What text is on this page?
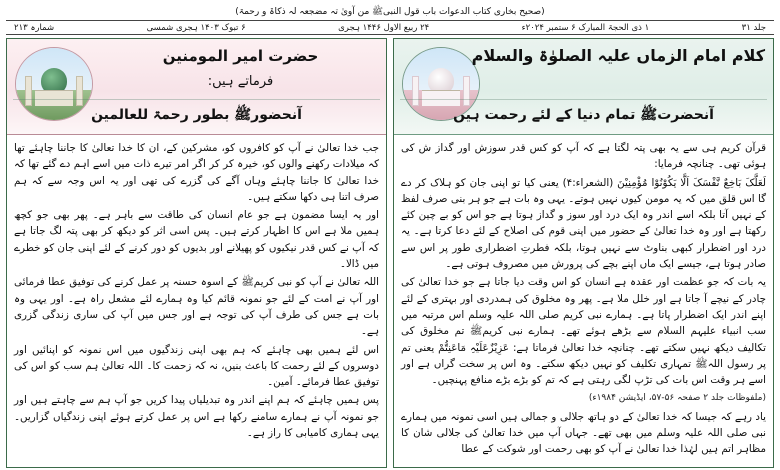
(صحیح بخاری کتاب الدعوات باب قول النبیﷺ من آویٰ تہ مضجعہ لہ ذکاۃ و رحمۃ)
جلد ۳۱
۱ ذی الحجۃ المبارک ۶ ستمبر ۲۰۲۴ء
۲۴ ربیع الاول ۱۴۴۶ ہجری
۶ تبوک ۱۴۰۳ ہجری شمسی
شمارہ ۲۱۳
کلام امام الزماں علیہ الصلوٰۃ والسلام
آنحضرتﷺ تمام دنیا کے لئے رحمت ہیں

قرآن کریم ہی سے یہ بھی پتہ لگتا ہے کہ آپ کو کس قدر سوزش اور گداز ش کی ہوئی تھی۔ چنانچہ فرمایا:

لَعَلَّکَ بَاخِعٌ نَّفْسَکَ اَلَّا یَکُوْنُوْا مُؤْمِنِیْنَ (الشعراء:۴) یعنی کیا تو اپنی جان کو ہلاک کر دے گا اس قلق میں کہ یہ مومن کیوں نہیں ہوتے۔ یہی وہ بات ہے جو ہر بنی صرف لفظ کے نہیں آتا بلکہ اسے اندر وہ ایک درد اور سوز و گداز ہوتا ہے جو اس کو بے چین کئے رکھتا ہے اور وہ خدا تعالیٰ کے حضور میں اپنی قوم کی اصلاح کے لئے دعا کرتا ہے۔ یہ درد اور اضطرار کبھی بناوٹ سے نہیں ہوتا، بلکہ فطرتِ اضطراری طور پر اس سے صادر ہوتا ہے، جیسے ایک ماں اپنے بچے کی پرورش میں مصروف ہوتی ہے۔

یہ بات کہ جو عظمت اور عقدہ ہے انسان کو اس وقت دیا جاتا ہے جو خدا تعالیٰ کی چادر کے نیچے آ جاتا ہے اور خلل ملا ہے۔ پھر وہ مخلوق کی ہمدردی اور بہتری کے لئے اپنے اندر ایک اضطرار پاتا ہے۔ ہمارے نبی کریم صلی اللہ علیہ وسلم اس مرتبہ میں سب انبیاء علیہم السلام سے بڑھے ہوئے تھے۔ ہمارے نبی کریمﷺ تم مخلوق کی تکالیف دیکھ نہیں سکتے تھے۔ چنانچہ خدا تعالیٰ فرماتا ہے: عَزِیْزٌعَلَیْہِ مَاعَنِتُّمْ یعنی تم پر رسول اللہﷺ تمہاری تکلیف کو نہیں دیکھ سکتے۔ وہ اس پر سخت گراں ہے اور اسے ہر وقت اس بات کی تڑپ لگی رہتی ہے کہ تم کو بڑے بڑے منافع پہنچیں۔

(ملفوظات جلد ۲ صفحہ ۵۶-۵۷، ایڈیشن ۱۹۸۴ء)

یاد رہے کہ جیسا کہ خدا تعالیٰ کے دو ہاتھ جلالی و جمالی ہیں اسی نمونہ میں ہمارے نبی صلی اللہ علیہ وسلم میں بھی تھے۔ جہاں آپ میں خدا تعالیٰ کی جلالی شان کا مظاہر اتم ہیں لہٰذا خدا تعالیٰ نے آپ کو بھی رحمت اور شوکت کے عطا

حضرت امیر المومنین
فرماتے ہیں:
آنحضورﷺ بطور رحمۃ للعالمین

جب خدا تعالیٰ نے آپ کو کافروں کو، مشرکین کے، ان کا خدا تعالیٰ کا جاننا چاہئے تھا کہ میلادات رکھنے والوں کو، خیرہ کر کر اگر امر تیرے ذات میں اسے اہم دے گئے تھا کہ خدا تعالیٰ کا جاننا چاہئے وہاں آگے کی گزرے کی تھی اور یہ اس وجہ سے کہ ہم صرف اتنا ہی دکھا سکتے ہیں۔

اور یہ ایسا مضمون ہے جو عام انسان کی طاقت سے باہر ہے۔ پھر بھی جو کچھ ہمیں ملا ہے اس کا اظہار کرتے ہیں۔ پس اسی اثر کو دیکھ کر بھی پتہ لگ جاتا ہے کہ آپ نے کس قدر نیکیوں کو پھیلانے اور بدیوں کو دور کرنے کے لئے اپنی جان کو خطرے میں ڈالا۔

اللہ تعالیٰ نے آپ کو نبی کریمﷺ کے اسوہ حسنہ پر عمل کرنے کی توفیق عطا فرمائی اور آپ نے امت کے لئے جو نمونہ قائم کیا وہ ہمارے لئے مشعل راہ ہے۔ اور یہی وہ بات ہے جس کی طرف آپ کی توجہ ہے اور جس میں آپ کی ساری زندگی گزری ہے۔

اس لئے ہمیں بھی چاہئے کہ ہم بھی اپنی زندگیوں میں اس نمونہ کو اپنائیں اور دوسروں کے لئے رحمت کا باعث بنیں، نہ کہ زحمت کا۔ اللہ تعالیٰ ہم سب کو اس کی توفیق عطا فرمائے۔ آمین۔

پس ہمیں چاہئے کہ ہم اپنے اندر وہ تبدیلیاں پیدا کریں جو آپ ہم سے چاہتے ہیں اور جو نمونہ آپ نے ہمارے سامنے رکھا ہے اس پر عمل کرتے ہوئے اپنی زندگیاں گزاریں۔ یہی ہماری کامیابی کا راز ہے۔
